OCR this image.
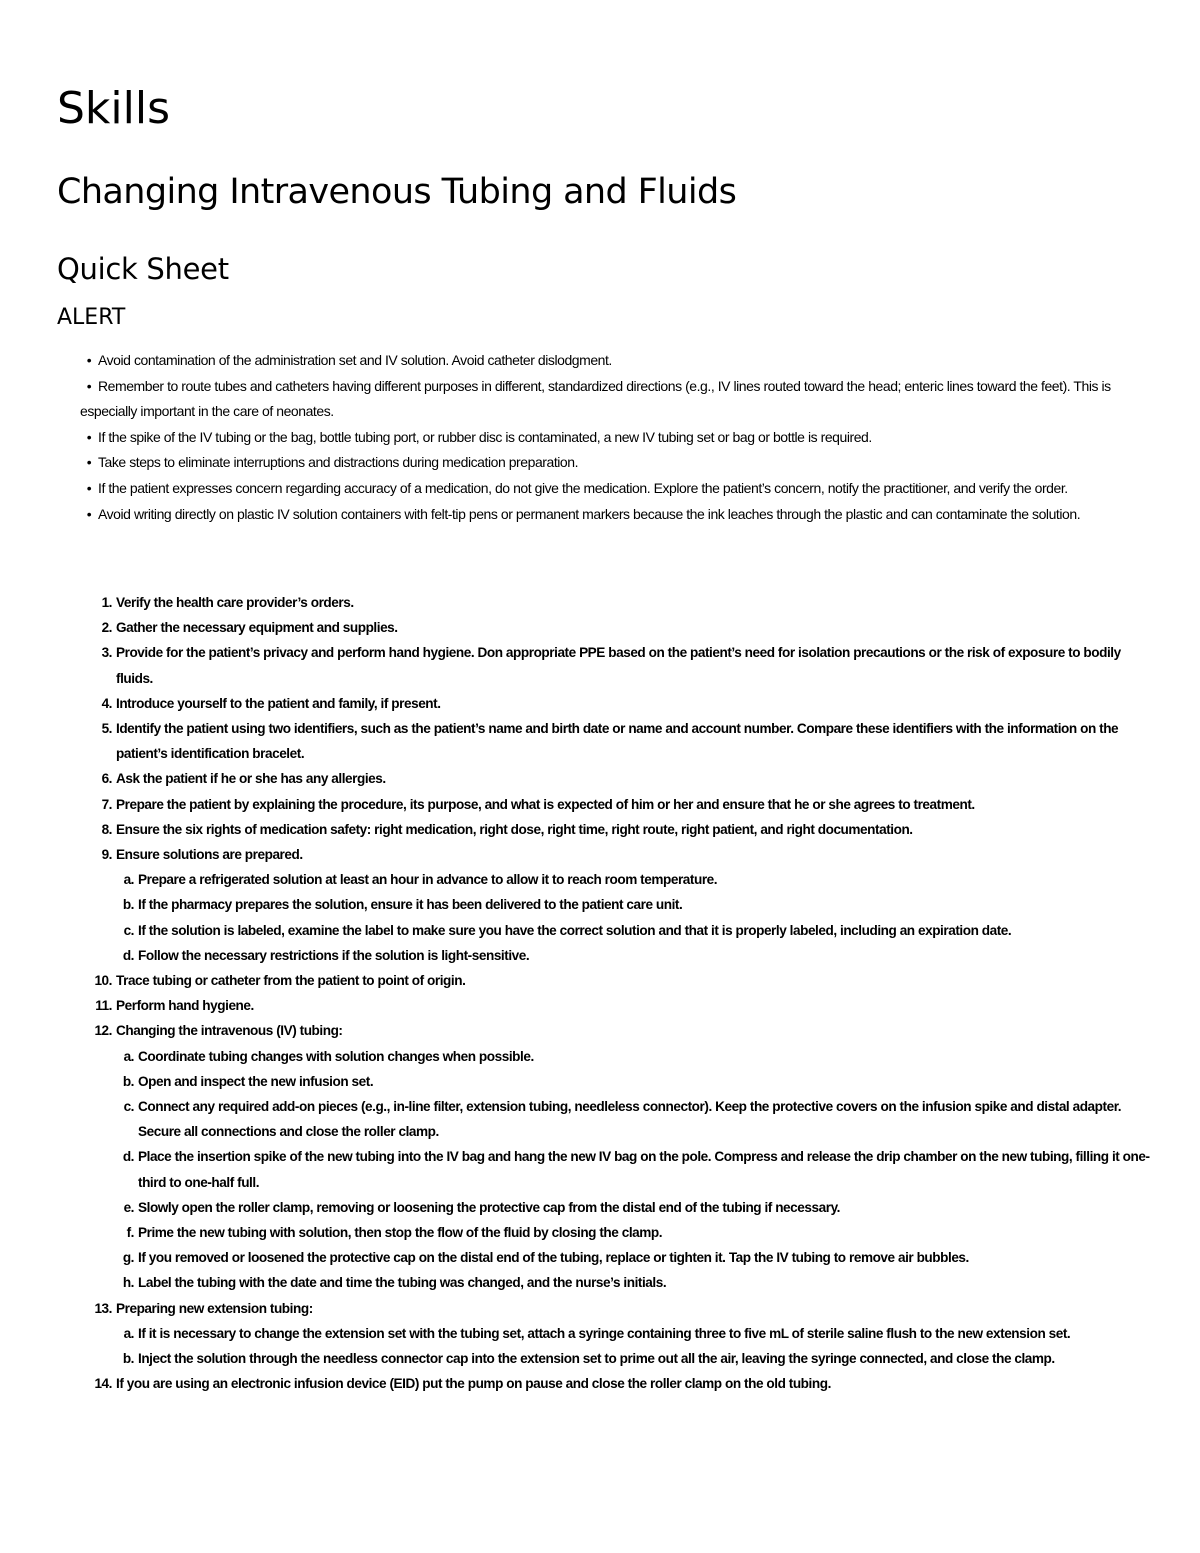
Skills
Changing Intravenous Tubing and Fluids
Quick Sheet
ALERT
• Avoid contamination of the administration set and IV solution. Avoid catheter dislodgment.
• Remember to route tubes and catheters having different purposes in different, standardized directions (e.g., IV lines routed toward the head; enteric lines toward the feet). This is especially important in the care of neonates.
• If the spike of the IV tubing or the bag, bottle tubing port, or rubber disc is contaminated, a new IV tubing set or bag or bottle is required.
• Take steps to eliminate interruptions and distractions during medication preparation.
• If the patient expresses concern regarding accuracy of a medication, do not give the medication. Explore the patient’s concern, notify the practitioner, and verify the order.
• Avoid writing directly on plastic IV solution containers with felt-tip pens or permanent markers because the ink leaches through the plastic and can contaminate the solution.
1. Verify the health care provider’s orders.
2. Gather the necessary equipment and supplies.
3. Provide for the patient’s privacy and perform hand hygiene. Don appropriate PPE based on the patient’s need for isolation precautions or the risk of exposure to bodily fluids.
4. Introduce yourself to the patient and family, if present.
5. Identify the patient using two identifiers, such as the patient’s name and birth date or name and account number. Compare these identifiers with the information on the patient’s identification bracelet.
6. Ask the patient if he or she has any allergies.
7. Prepare the patient by explaining the procedure, its purpose, and what is expected of him or her and ensure that he or she agrees to treatment.
8. Ensure the six rights of medication safety: right medication, right dose, right time, right route, right patient, and right documentation.
9. Ensure solutions are prepared.
a. Prepare a refrigerated solution at least an hour in advance to allow it to reach room temperature.
b. If the pharmacy prepares the solution, ensure it has been delivered to the patient care unit.
c. If the solution is labeled, examine the label to make sure you have the correct solution and that it is properly labeled, including an expiration date.
d. Follow the necessary restrictions if the solution is light-sensitive.
10. Trace tubing or catheter from the patient to point of origin.
11. Perform hand hygiene.
12. Changing the intravenous (IV) tubing:
a. Coordinate tubing changes with solution changes when possible.
b. Open and inspect the new infusion set.
c. Connect any required add-on pieces (e.g., in-line filter, extension tubing, needleless connector). Keep the protective covers on the infusion spike and distal adapter. Secure all connections and close the roller clamp.
d. Place the insertion spike of the new tubing into the IV bag and hang the new IV bag on the pole. Compress and release the drip chamber on the new tubing, filling it one-third to one-half full.
e. Slowly open the roller clamp, removing or loosening the protective cap from the distal end of the tubing if necessary.
f. Prime the new tubing with solution, then stop the flow of the fluid by closing the clamp.
g. If you removed or loosened the protective cap on the distal end of the tubing, replace or tighten it. Tap the IV tubing to remove air bubbles.
h. Label the tubing with the date and time the tubing was changed, and the nurse’s initials.
13. Preparing new extension tubing:
a. If it is necessary to change the extension set with the tubing set, attach a syringe containing three to five mL of sterile saline flush to the new extension set.
b. Inject the solution through the needless connector cap into the extension set to prime out all the air, leaving the syringe connected, and close the clamp.
14. If you are using an electronic infusion device (EID) put the pump on pause and close the roller clamp on the old tubing.
